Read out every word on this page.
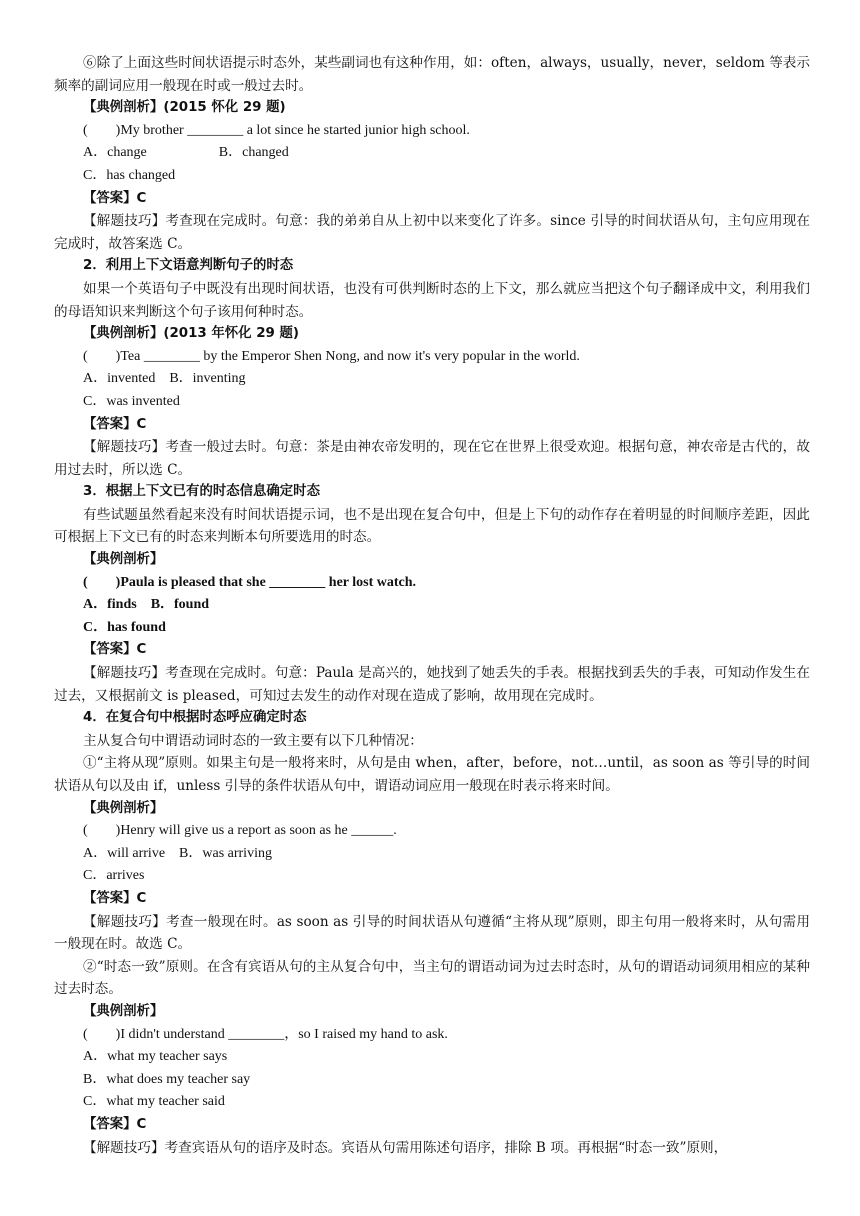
⑥除了上面这些时间状语提示时态外，某些副词也有这种作用，如：often，always，usually，never，seldom 等表示频率的副词应用一般现在时或一般过去时。

【典例剖析】(2015 怀化 29 题)

(　　)My brother ________ a lot since he started junior high school.

A．change	B．changed

C．has changed

【答案】C

【解题技巧】考查现在完成时。句意：我的弟弟自从上初中以来变化了许多。since 引导的时间状语从句，主句应用现在完成时，故答案选 C。

2．利用上下文语意判断句子的时态

如果一个英语句子中既没有出现时间状语，也没有可供判断时态的上下文，那么就应当把这个句子翻译成中文，利用我们的母语知识来判断这个句子该用何种时态。

【典例剖析】(2013 年怀化 29 题)

(　　)Tea ________ by the Emperor Shen Nong, and now it's very popular in the world.

A．invented B．inventing

C．was invented

【答案】C

【解题技巧】考查一般过去时。句意：茶是由神农帝发明的，现在它在世界上很受欢迎。根据句意，神农帝是古代的，故用过去时，所以选 C。

3．根据上下文已有的时态信息确定时态

有些试题虽然看起来没有时间状语提示词，也不是出现在复合句中，但是上下句的动作存在着明显的时间顺序差距，因此可根据上下文已有的时态来判断本句所要选用的时态。

【典例剖析】

(　　)Paula is pleased that she ________ her lost watch.

A．finds B．found

C．has found

【答案】C

【解题技巧】考查现在完成时。句意：Paula 是高兴的，她找到了她丢失的手表。根据找到丢失的手表，可知动作发生在过去，又根据前文 is pleased，可知过去发生的动作对现在造成了影响，故用现在完成时。

4．在复合句中根据时态呼应确定时态

主从复合句中谓语动词时态的一致主要有以下几种情况：

①“主将从现”原则。如果主句是一般将来时，从句是由 when，after，before，not…until，as soon as 等引导的时间状语从句以及由 if，unless 引导的条件状语从句中，谓语动词应用一般现在时表示将来时间。

【典例剖析】

(　　)Henry will give us a report as soon as he ______.

A．will arrive B．was arriving

C．arrives

【答案】C

【解题技巧】考查一般现在时。as soon as 引导的时间状语从句遵循“主将从现”原则，即主句用一般将来时，从句需用一般现在时。故选 C。

②“时态一致”原则。在含有宾语从句的主从复合句中，当主句的谓语动词为过去时态时，从句的谓语动词须用相应的某种过去时态。

【典例剖析】

(　　)I didn't understand ________，so I raised my hand to ask.

A．what my teacher says

B．what does my teacher say

C．what my teacher said

【答案】C

【解题技巧】考查宾语从句的语序及时态。宾语从句需用陈述句语序，排除 B 项。再根据“时态一致”原则，
